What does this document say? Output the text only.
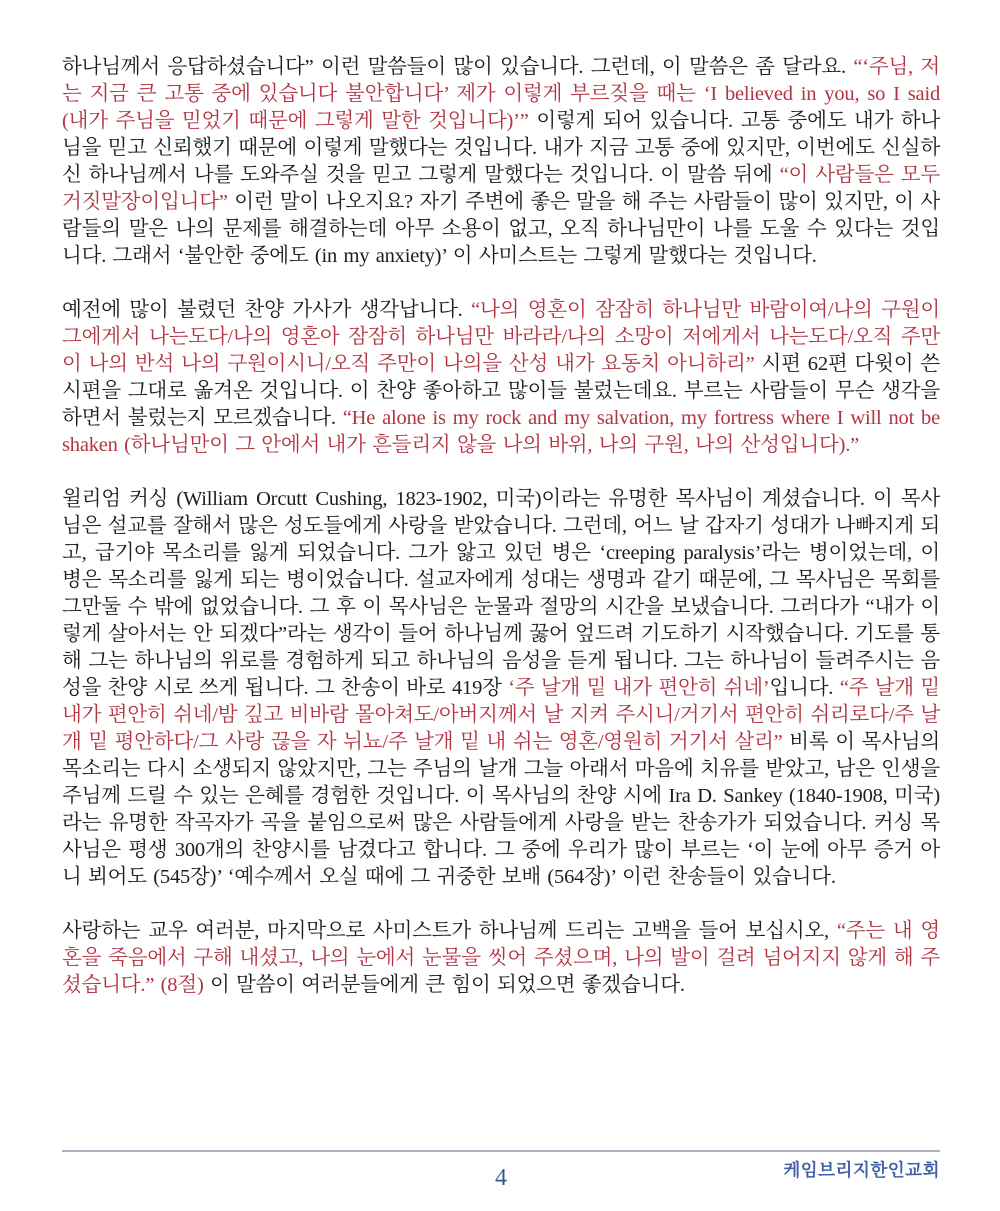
하나님께서 응답하셨습니다” 이런 말씀들이 많이 있습니다. 그런데, 이 말씀은 좀 달라요. “‘주님, 저는 지금 큰 고통 중에 있습니다 불안합니다’ 제가 이렇게 부르짖을 때는 ‘I believed in you, so I said (내가 주님을 믿었기 때문에 그렇게 말한 것입니다)’” 이렇게 되어 있습니다. 고통 중에도 내가 하나님을 믿고 신뢰했기 때문에 이렇게 말했다는 것입니다. 내가 지금 고통 중에 있지만, 이번에도 신실하신 하나님께서 나를 도와주실 것을 믿고 그렇게 말했다는 것입니다. 이 말씀 뒤에 “이 사람들은 모두 거짓말장이입니다” 이런 말이 나오지요? 자기 주변에 좋은 말을 해 주는 사람들이 많이 있지만, 이 사람들의 말은 나의 문제를 해결하는데 아무 소용이 없고, 오직 하나님만이 나를 도울 수 있다는 것입니다. 그래서 ‘불안한 중에도 (in my anxiety)’ 이 사미스트는 그렇게 말했다는 것입니다.

예전에 많이 불렸던 찬양 가사가 생각납니다. “나의 영혼이 잠잠히 하나님만 바람이여/나의 구원이 그에게서 나는도다/나의 영혼아 잠잠히 하나님만 바라라/나의 소망이 저에게서 나는도다/오직 주만이 나의 반석 나의 구원이시니/오직 주만이 나의을 산성 내가 요동치 아니하리” 시편 62편 다윗이 쓴 시편을 그대로 옮겨온 것입니다. 이 찬양 좋아하고 많이들 불렀는데요. 부르는 사람들이 무슨 생각을 하면서 불렀는지 모르겠습니다. “He alone is my rock and my salvation, my fortress where I will not be shaken (하나님만이 그 안에서 내가 흔들리지 않을 나의 바위, 나의 구원, 나의 산성입니다).”

윌리엄 커싱 (William Orcutt Cushing, 1823-1902, 미국)이라는 유명한 목사님이 계셨습니다. 이 목사님은 설교를 잘해서 많은 성도들에게 사랑을 받았습니다. 그런데, 어느 날 갑자기 성대가 나빠지게 되고, 급기야 목소리를 잃게 되었습니다. 그가 앓고 있던 병은 ‘creeping paralysis’라는 병이었는데, 이 병은 목소리를 잃게 되는 병이었습니다. 설교자에게 성대는 생명과 같기 때문에, 그 목사님은 목회를 그만둘 수 밖에 없었습니다. 그 후 이 목사님은 눈물과 절망의 시간을 보냈습니다. 그러다가 “내가 이렇게 살아서는 안 되겠다”라는 생각이 들어 하나님께 꿇어 엎드려 기도하기 시작했습니다. 기도를 통해 그는 하나님의 위로를 경험하게 되고 하나님의 음성을 듣게 됩니다. 그는 하나님이 들려주시는 음성을 찬양 시로 쓰게 됩니다. 그 찬송이 바로 419장 ‘주 날개 밑 내가 편안히 쉬네’입니다. “주 날개 밑 내가 편안히 쉬네/밤 깊고 비바람 몰아쳐도/아버지께서 날 지켜 주시니/거기서 편안히 쉬리로다/주 날개 밑 평안하다/그 사랑 끊을 자 뉘뇨/주 날개 밑 내 쉬는 영혼/영원히 거기서 살리” 비록 이 목사님의 목소리는 다시 소생되지 않았지만, 그는 주님의 날개 그늘 아래서 마음에 치유를 받았고, 남은 인생을 주님께 드릴 수 있는 은혜를 경험한 것입니다. 이 목사님의 찬양 시에 Ira D. Sankey (1840-1908, 미국)라는 유명한 작곡자가 곡을 붙임으로써 많은 사람들에게 사랑을 받는 찬송가가 되었습니다. 커싱 목사님은 평생 300개의 찬양시를 남겼다고 합니다. 그 중에 우리가 많이 부르는 ‘이 눈에 아무 증거 아니 뵈어도 (545장)’ ‘예수께서 오실 때에 그 귀중한 보배 (564장)’ 이런 찬송들이 있습니다.

사랑하는 교우 여러분, 마지막으로 사미스트가 하나님께 드리는 고백을 들어 보십시오, “주는 내 영혼을 죽음에서 구해 내셨고, 나의 눈에서 눈물을 씻어 주셨으며, 나의 발이 걸려 넘어지지 않게 해 주셨습니다.” (8절) 이 말씀이 여러분들에게 큰 힘이 되었으면 좋겠습니다.

케임브리지한인교회
4
